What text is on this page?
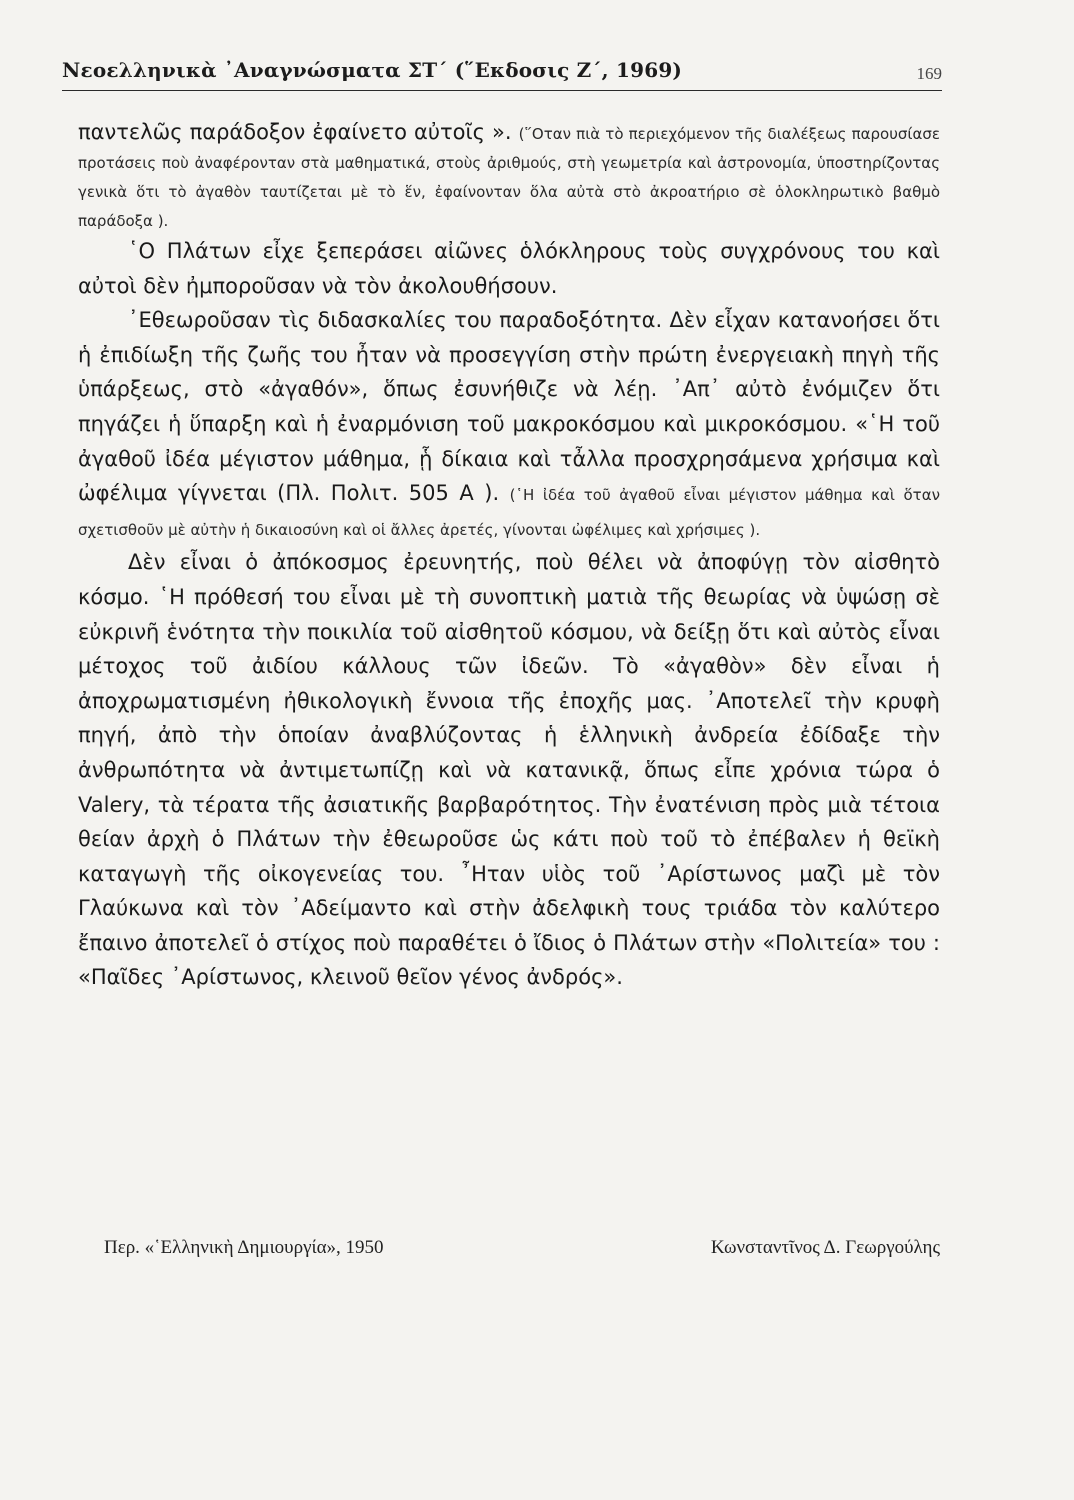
Νεοελληνικὰ ᾿Αναγνώσματα ΣΤ΄ (῞Εκδοσις Ζ΄, 1969)	169

παντελῶς παράδοξον ἐφαίνετο αὐτοῖς ». (῞Οταν πιὰ τὸ περιεχόμενον τῆς διαλέξεως παρουσίασε προτάσεις ποὺ ἀναφέρονταν στὰ μαθηματικά, στοὺς ἀριθμούς, στὴ γεωμετρία καὶ ἀστρονομία, ὑποστηρίζοντας γενικὰ ὅτι τὸ ἀγαθὸν ταυτίζεται μὲ τὸ ἕν, ἐφαίνονταν ὅλα αὐτὰ στὸ ἀκροατήριο σὲ ὁλοκληρωτικὸ βαθμὸ παράδοξα ).

῾Ο Πλάτων εἶχε ξεπεράσει αἰῶνες ὁλόκληρους τοὺς συγχρόνους του καὶ αὐτοὶ δὲν ἠμποροῦσαν νὰ τὸν ἀκολουθήσουν.

᾿Εθεωροῦσαν τὶς διδασκαλίες του παραδοξότητα. Δὲν εἶχαν κατανοήσει ὅτι ἡ ἐπιδίωξη τῆς ζωῆς του ἦταν νὰ προσεγγίση στὴν πρώτη ἐνεργειακὴ πηγὴ τῆς ὑπάρξεως, στὸ «ἀγαθόν», ὅπως ἐσυνήθιζε νὰ λέῃ. ᾿Απ᾿ αὐτὸ ἐνόμιζεν ὅτι πηγάζει ἡ ὕπαρξη καὶ ἡ ἐναρμόνιση τοῦ μακροκόσμου καὶ μικροκόσμου. «῾Η τοῦ ἀγαθοῦ ἰδέα μέγιστον μάθημα, ᾗ δίκαια καὶ τἆλλα προσχρησάμενα χρήσιμα καὶ ὠφέλιμα γίγνεται (Πλ. Πολιτ. 505 Α ). (῾Η ἰδέα τοῦ ἀγαθοῦ εἶναι μέγιστον μάθημα καὶ ὅταν σχετισθοῦν μὲ αὐτὴν ἡ δικαιοσύνη καὶ οἱ ἄλλες ἀρετές, γίνονται ὠφέλιμες καὶ χρήσιμες ).

Δὲν εἶναι ὁ ἀπόκοσμος ἐρευνητής, ποὺ θέλει νὰ ἀποφύγῃ τὸν αἰσθητὸ κόσμο. ῾Η πρόθεσή του εἶναι μὲ τὴ συνοπτικὴ ματιὰ τῆς θεωρίας νὰ ὑψώσῃ σὲ εὐκρινῆ ἑνότητα τὴν ποικιλία τοῦ αἰσθητοῦ κόσμου, νὰ δείξῃ ὅτι καὶ αὐτὸς εἶναι μέτοχος τοῦ ἀιδίου κάλλους τῶν ἰδεῶν. Τὸ «ἀγαθὸν» δὲν εἶναι ἡ ἀποχρωματισμένη ἠθικολογικὴ ἔννοια τῆς ἐποχῆς μας. ᾿Αποτελεῖ τὴν κρυφὴ πηγή, ἀπὸ τὴν ὁποίαν ἀναβλύζοντας ἡ ἑλληνικὴ ἀνδρεία ἐδίδαξε τὴν ἀνθρωπότητα νὰ ἀντιμετωπίζῃ καὶ νὰ κατανικᾷ, ὅπως εἶπε χρόνια τώρα ὁ Valery, τὰ τέρατα τῆς ἀσιατικῆς βαρβαρότητος. Τὴν ἐνατένιση πρὸς μιὰ τέτοια θείαν ἀρχὴ ὁ Πλάτων τὴν ἐθεωροῦσε ὡς κάτι ποὺ τοῦ τὸ ἐπέβαλεν ἡ θεϊκὴ καταγωγὴ τῆς οἰκογενείας του. ῏Ηταν υἱὸς τοῦ ᾿Αρίστωνος μαζὶ μὲ τὸν Γλαύκωνα καὶ τὸν ᾿Αδείμαντο καὶ στὴν ἀδελφικὴ τους τριάδα τὸν καλύτερο ἔπαινο ἀποτελεῖ ὁ στίχος ποὺ παραθέτει ὁ ἴδιος ὁ Πλάτων στὴν «Πολιτεία» του : «Παῖδες ᾿Αρίστωνος, κλεινοῦ θεῖον γένος ἀνδρός».

Περ. «῾Ελληνικὴ Δημιουργία», 1950	Κωνσταντῖνος Δ. Γεωργούλης
